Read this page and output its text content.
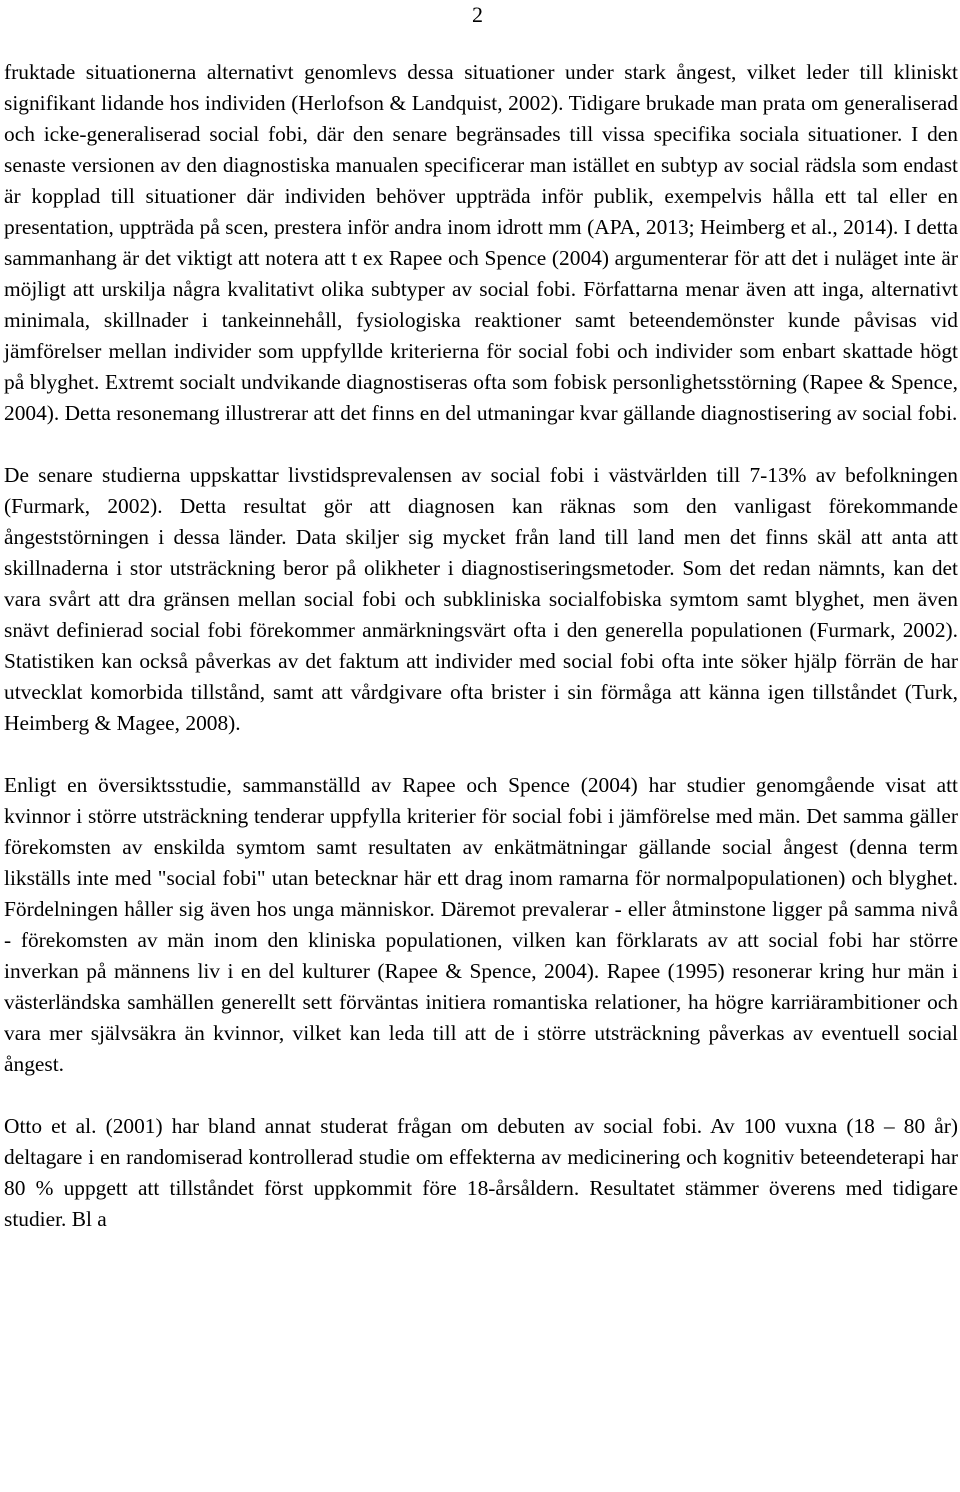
2

fruktade situationerna alternativt genomlevs dessa situationer under stark ångest, vilket leder till kliniskt signifikant lidande hos individen (Herlofson & Landquist, 2002). Tidigare brukade man prata om generaliserad och icke-generaliserad social fobi, där den senare begränsades till vissa specifika sociala situationer. I den senaste versionen av den diagnostiska manualen specificerar man istället en subtyp av social rädsla som endast är kopplad till situationer där individen behöver uppträda inför publik, exempelvis hålla ett tal eller en presentation, uppträda på scen, prestera inför andra inom idrott mm (APA, 2013; Heimberg et al., 2014). I detta sammanhang är det viktigt att notera att t ex Rapee och Spence (2004) argumenterar för att det i nuläget inte är möjligt att urskilja några kvalitativt olika subtyper av social fobi. Författarna menar även att inga, alternativt minimala, skillnader i tankeinnehåll, fysiologiska reaktioner samt beteendemönster kunde påvisas vid jämförelser mellan individer som uppfyllde kriterierna för social fobi och individer som enbart skattade högt på blyghet. Extremt socialt undvikande diagnostiseras ofta som fobisk personlighetsstörning (Rapee & Spence, 2004). Detta resonemang illustrerar att det finns en del utmaningar kvar gällande diagnostisering av social fobi.

De senare studierna uppskattar livstidsprevalensen av social fobi i västvärlden till 7-13% av befolkningen (Furmark, 2002). Detta resultat gör att diagnosen kan räknas som den vanligast förekommande ångeststörningen i dessa länder. Data skiljer sig mycket från land till land men det finns skäl att anta att skillnaderna i stor utsträckning beror på olikheter i diagnostiseringsmetoder. Som det redan nämnts, kan det vara svårt att dra gränsen mellan social fobi och subkliniska socialfobiska symtom samt blyghet, men även snävt definierad social fobi förekommer anmärkningsvärt ofta i den generella populationen (Furmark, 2002). Statistiken kan också påverkas av det faktum att individer med social fobi ofta inte söker hjälp förrän de har utvecklat komorbida tillstånd, samt att vårdgivare ofta brister i sin förmåga att känna igen tillståndet (Turk, Heimberg & Magee, 2008).

Enligt en översiktsstudie, sammanställd av Rapee och Spence (2004) har studier genomgående visat att kvinnor i större utsträckning tenderar uppfylla kriterier för social fobi i jämförelse med män. Det samma gäller förekomsten av enskilda symtom samt resultaten av enkätmätningar gällande social ångest (denna term likställs inte med "social fobi" utan betecknar här ett drag inom ramarna för normalpopulationen) och blyghet. Fördelningen håller sig även hos unga människor. Däremot prevalerar - eller åtminstone ligger på samma nivå - förekomsten av män inom den kliniska populationen, vilken kan förklarats av att social fobi har större inverkan på männens liv i en del kulturer (Rapee & Spence, 2004). Rapee (1995) resonerar kring hur män i västerländska samhällen generellt sett förväntas initiera romantiska relationer, ha högre karriärambitioner och vara mer självsäkra än kvinnor, vilket kan leda till att de i större utsträckning påverkas av eventuell social ångest.

Otto et al. (2001) har bland annat studerat frågan om debuten av social fobi. Av 100 vuxna (18 – 80 år) deltagare i en randomiserad kontrollerad studie om effekterna av medicinering och kognitiv beteendeterapi har 80 % uppgett att tillståndet först uppkommit före 18-årsåldern. Resultatet stämmer överens med tidigare studier. Bl a
